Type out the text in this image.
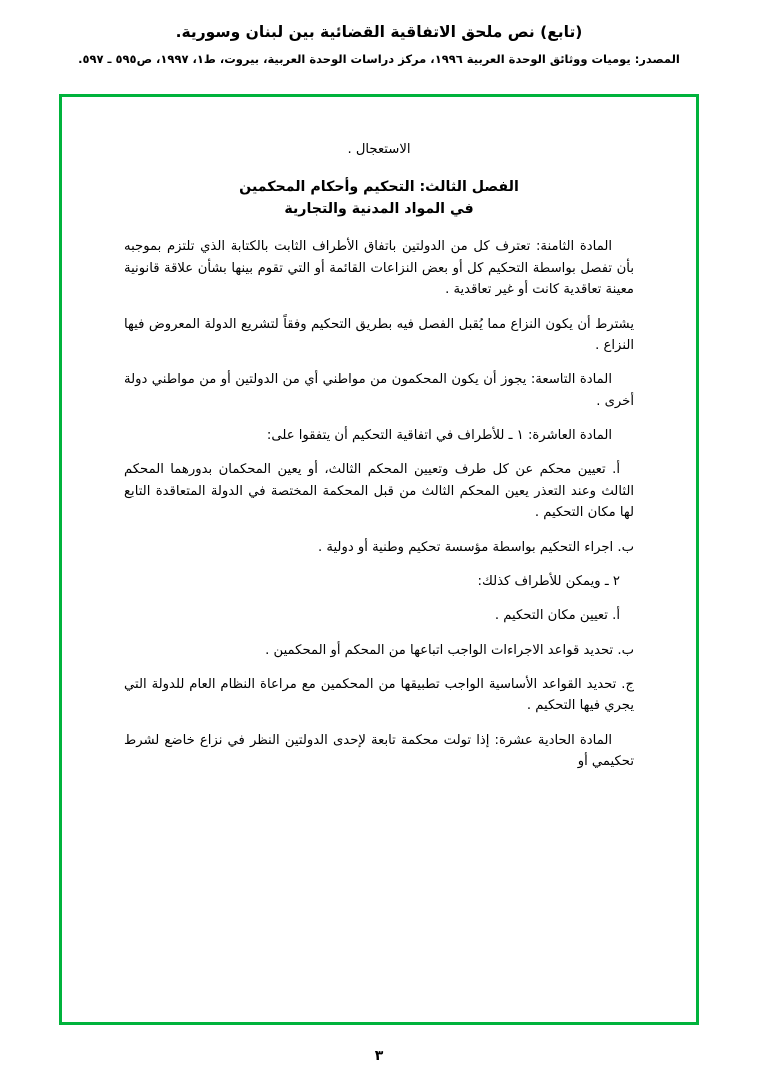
(تابع) نص ملحق الاتفاقية القضائية بين لبنان وسورية.
المصدر: يوميات ووثائق الوحدة العربية ١٩٩٦، مركز دراسات الوحدة العربية، بيروت، ط١، ١٩٩٧، ص٥٩٥ ـ ٥٩٧.
الاستعجال .
الفصل الثالث: التحكيم وأحكام المحكمين
في المواد المدنية والتجارية

المادة الثامنة: تعترف كل من الدولتين باتفاق الأطراف الثابت بالكتابة الذي تلتزم بموجبه بأن تفصل بواسطة التحكيم كل أو بعض النزاعات القائمة أو التي تقوم بينها بشأن علاقة قانونية معينة تعاقدية كانت أو غير تعاقدية .

يشترط أن يكون النزاع مما يُقبل الفصل فيه بطريق التحكيم وفقاً لتشريع الدولة المعروض فيها النزاع .

المادة التاسعة: يجوز أن يكون المحكمون من مواطني أي من الدولتين أو من مواطني دولة أخرى .

المادة العاشرة: ١ ـ للأطراف في اتفاقية التحكيم أن يتفقوا على:

أ. تعيين محكم عن كل طرف وتعيين المحكم الثالث، أو يعين المحكمان بدورهما المحكم الثالث وعند التعذر يعين المحكم الثالث من قبل المحكمة المختصة في الدولة المتعاقدة التابع لها مكان التحكيم .

ب. اجراء التحكيم بواسطة مؤسسة تحكيم وطنية أو دولية .

٢ ـ ويمكن للأطراف كذلك:

أ. تعيين مكان التحكيم .

ب. تحديد قواعد الاجراءات الواجب اتباعها من المحكم أو المحكمين .

ج. تحديد القواعد الأساسية الواجب تطبيقها من المحكمين مع مراعاة النظام العام للدولة التي يجري فيها التحكيم .

المادة الحادية عشرة: إذا تولت محكمة تابعة لإحدى الدولتين النظر في نزاع خاضع لشرط تحكيمي أو

٣
